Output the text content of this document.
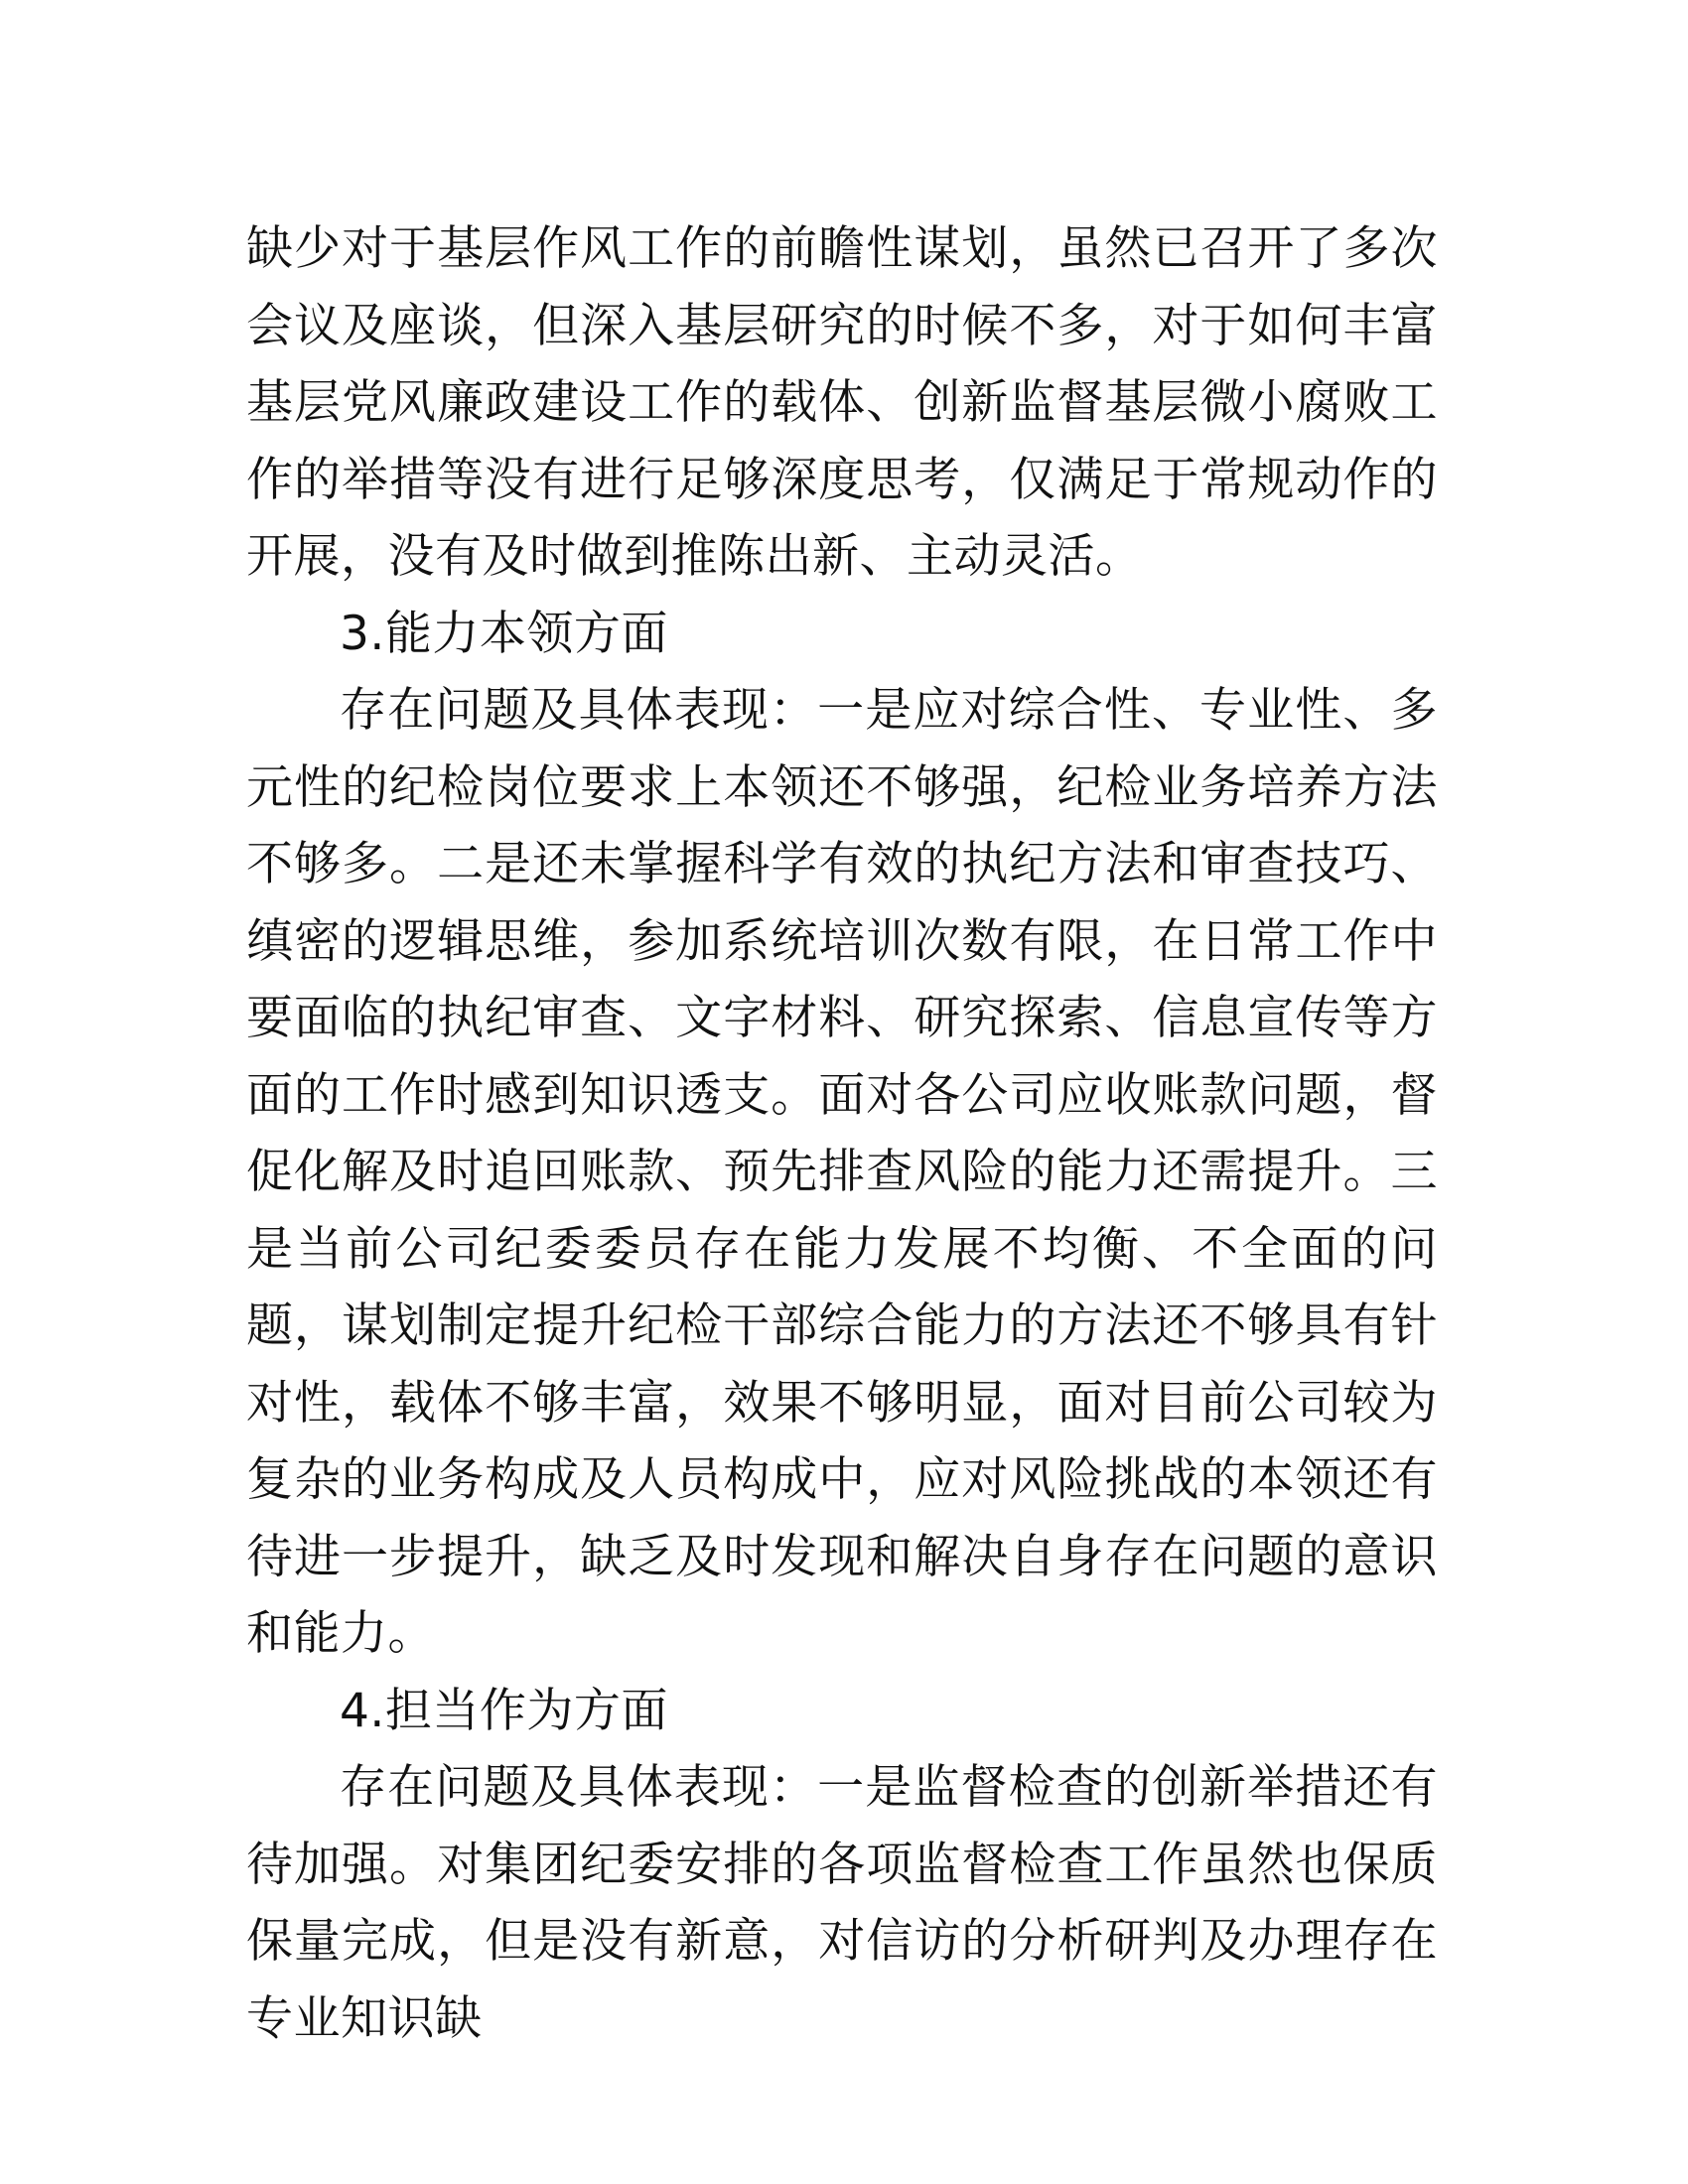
缺少对于基层作风工作的前瞻性谋划，虽然已召开了多次会议及座谈，但深入基层研究的时候不多，对于如何丰富基层党风廉政建设工作的载体、创新监督基层微小腐败工作的举措等没有进行足够深度思考，仅满足于常规动作的开展，没有及时做到推陈出新、主动灵活。

3.能力本领方面

存在问题及具体表现：一是应对综合性、专业性、多元性的纪检岗位要求上本领还不够强，纪检业务培养方法不够多。二是还未掌握科学有效的执纪方法和审查技巧、缜密的逻辑思维，参加系统培训次数有限，在日常工作中要面临的执纪审查、文字材料、研究探索、信息宣传等方面的工作时感到知识透支。面对各公司应收账款问题，督促化解及时追回账款、预先排查风险的能力还需提升。三是当前公司纪委委员存在能力发展不均衡、不全面的问题，谋划制定提升纪检干部综合能力的方法还不够具有针对性，载体不够丰富，效果不够明显，面对目前公司较为复杂的业务构成及人员构成中，应对风险挑战的本领还有待进一步提升，缺乏及时发现和解决自身存在问题的意识和能力。

4.担当作为方面

存在问题及具体表现：一是监督检查的创新举措还有待加强。对集团纪委安排的各项监督检查工作虽然也保质保量完成，但是没有新意，对信访的分析研判及办理存在专业知识缺
